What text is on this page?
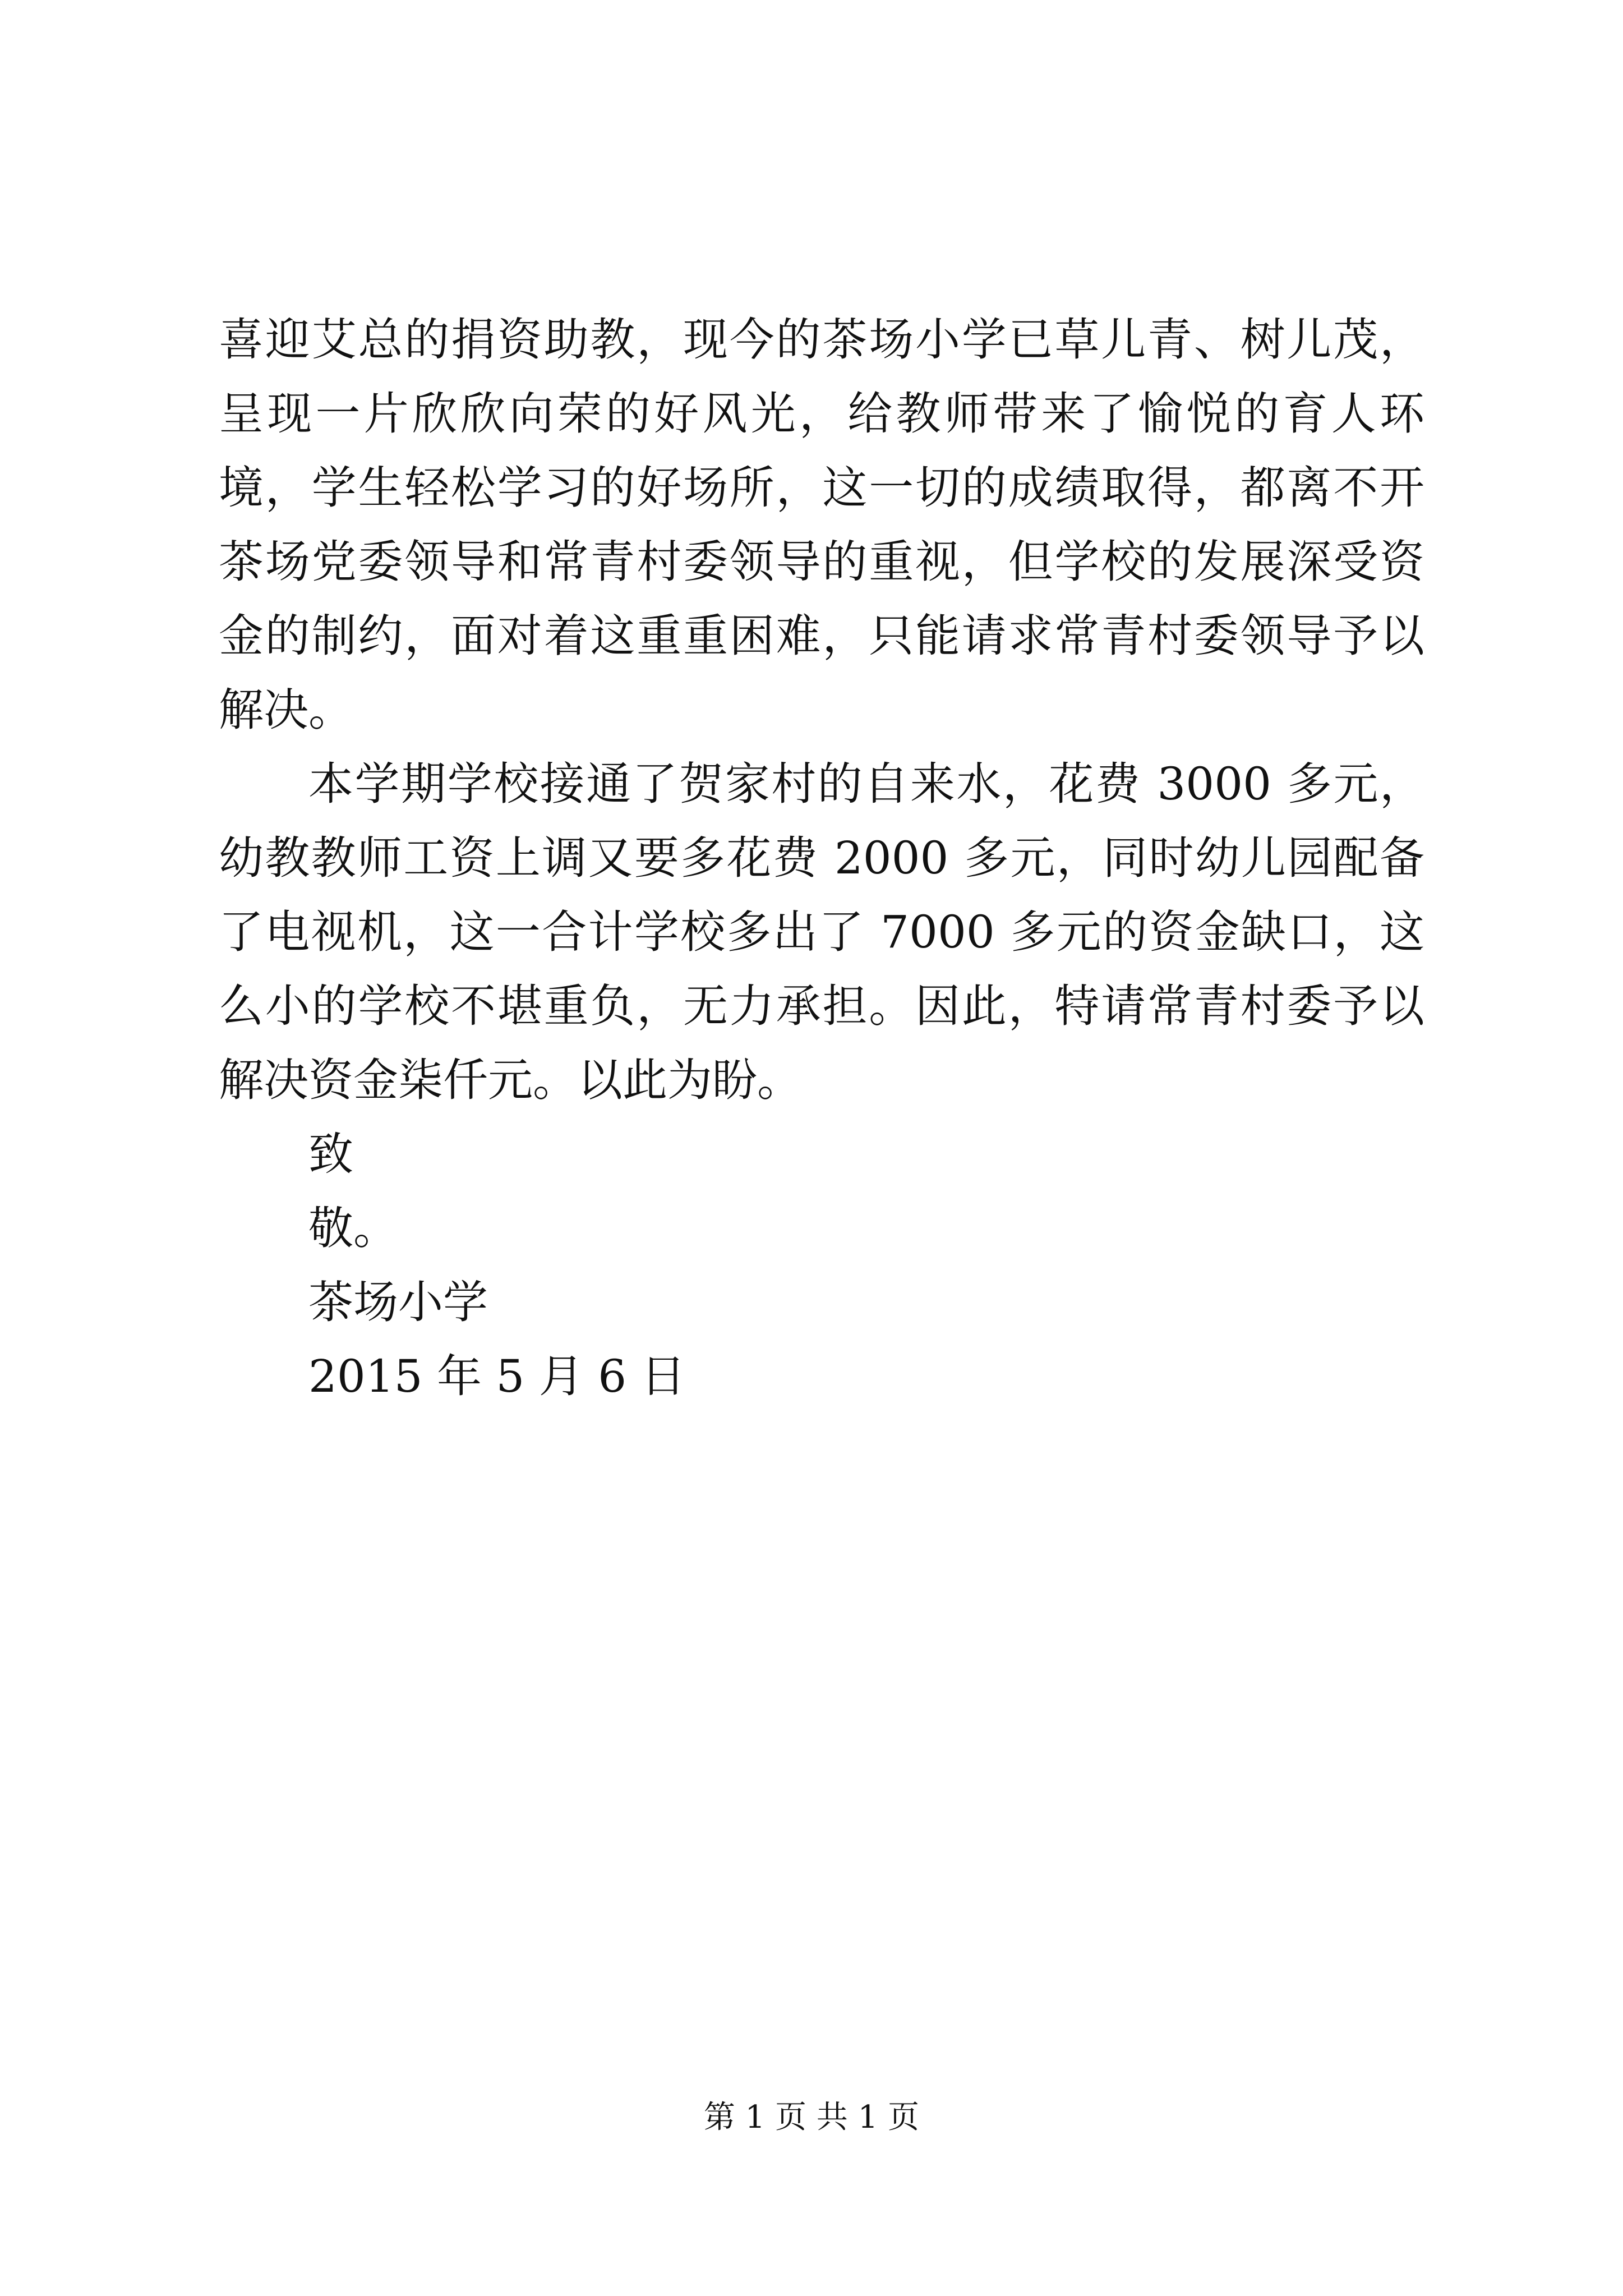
喜迎艾总的捐资助教，现今的茶场小学已草儿青、树儿茂，呈现一片欣欣向荣的好风光，给教师带来了愉悦的育人环境，学生轻松学习的好场所，这一切的成绩取得，都离不开茶场党委领导和常青村委领导的重视，但学校的发展深受资金的制约，面对着这重重困难，只能请求常青村委领导予以解决。

本学期学校接通了贺家村的自来水，花费 3000 多元，幼教教师工资上调又要多花费 2000 多元，同时幼儿园配备了电视机，这一合计学校多出了 7000 多元的资金缺口，这么小的学校不堪重负，无力承担。因此，特请常青村委予以解决资金柒仟元。以此为盼。

致

敬。

茶场小学

2015 年 5 月 6 日

第 1 页 共 1 页
